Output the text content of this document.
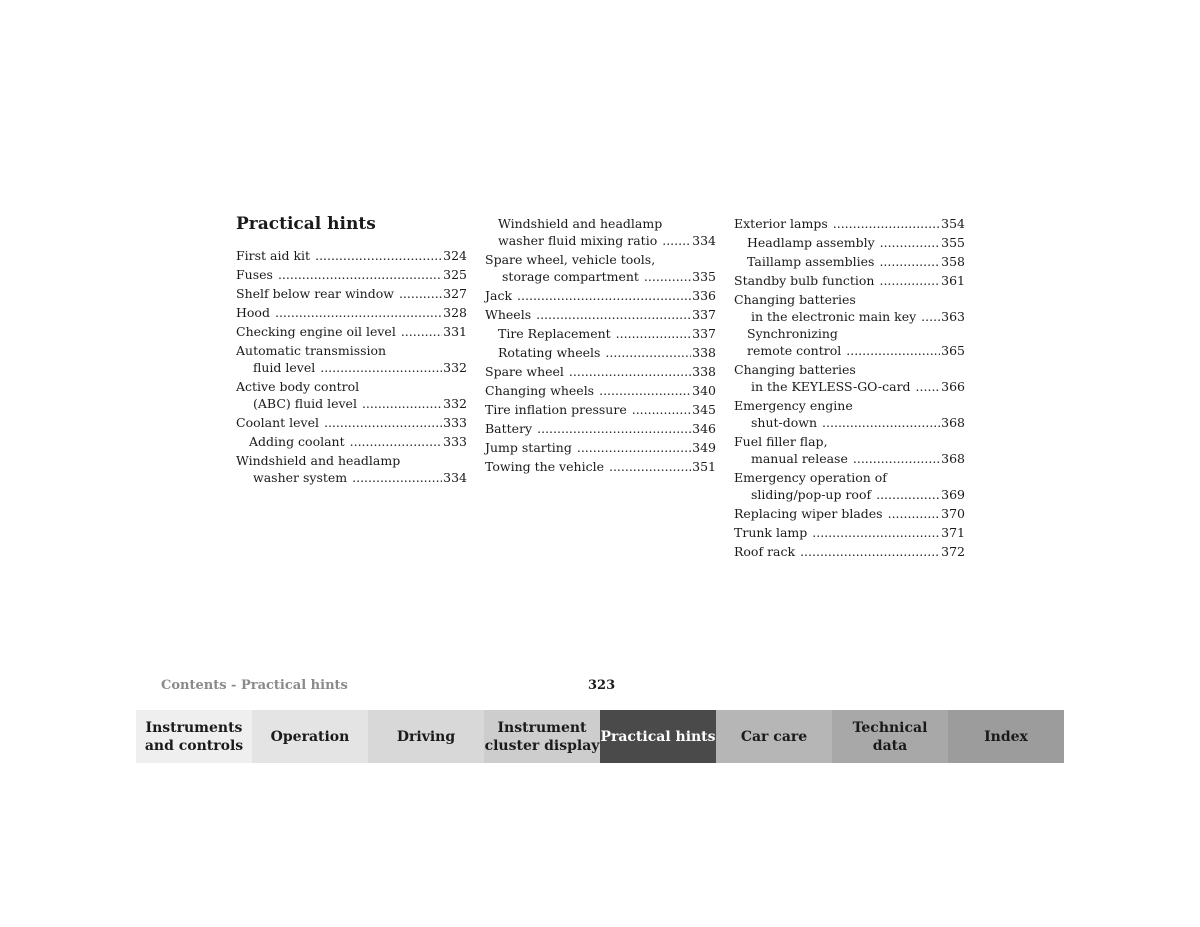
Practical hints
First aid kit .....	324
Fuses .....	325
Shelf below rear window .....	327
Hood .....	328
Checking engine oil level .....	331
Automatic transmission
fluid level .....	332
Active body control
(ABC) fluid level .....	332
Coolant level .....	333
Adding coolant .....	333
Windshield and headlamp
washer system .....	334
Windshield and headlamp
washer fluid mixing ratio .....	334
Spare wheel, vehicle tools,
storage compartment .....	335
Jack .....	336
Wheels .....	337
Tire Replacement .....	337
Rotating wheels .....	338
Spare wheel .....	338
Changing wheels .....	340
Tire inflation pressure .....	345
Battery .....	346
Jump starting .....	349
Towing the vehicle .....	351
Exterior lamps .....	354
Headlamp assembly .....	355
Taillamp assemblies .....	358
Standby bulb function .....	361
Changing batteries
in the electronic main key ..... 363
Synchronizing
remote control .....	365
Changing batteries
in the KEYLESS-GO-card ..... 366
Emergency engine
shut-down .....	368
Fuel filler flap,
manual release .....	368
Emergency operation of
sliding/pop-up roof .....	369
Replacing wiper blades .....	370
Trunk lamp .....	371
Roof rack .....	372
Contents - Practical hints	323
Instruments
and controls
Operation	Driving
Instrument
cluster display
Practical hints	Car care
Technical
data
Index
